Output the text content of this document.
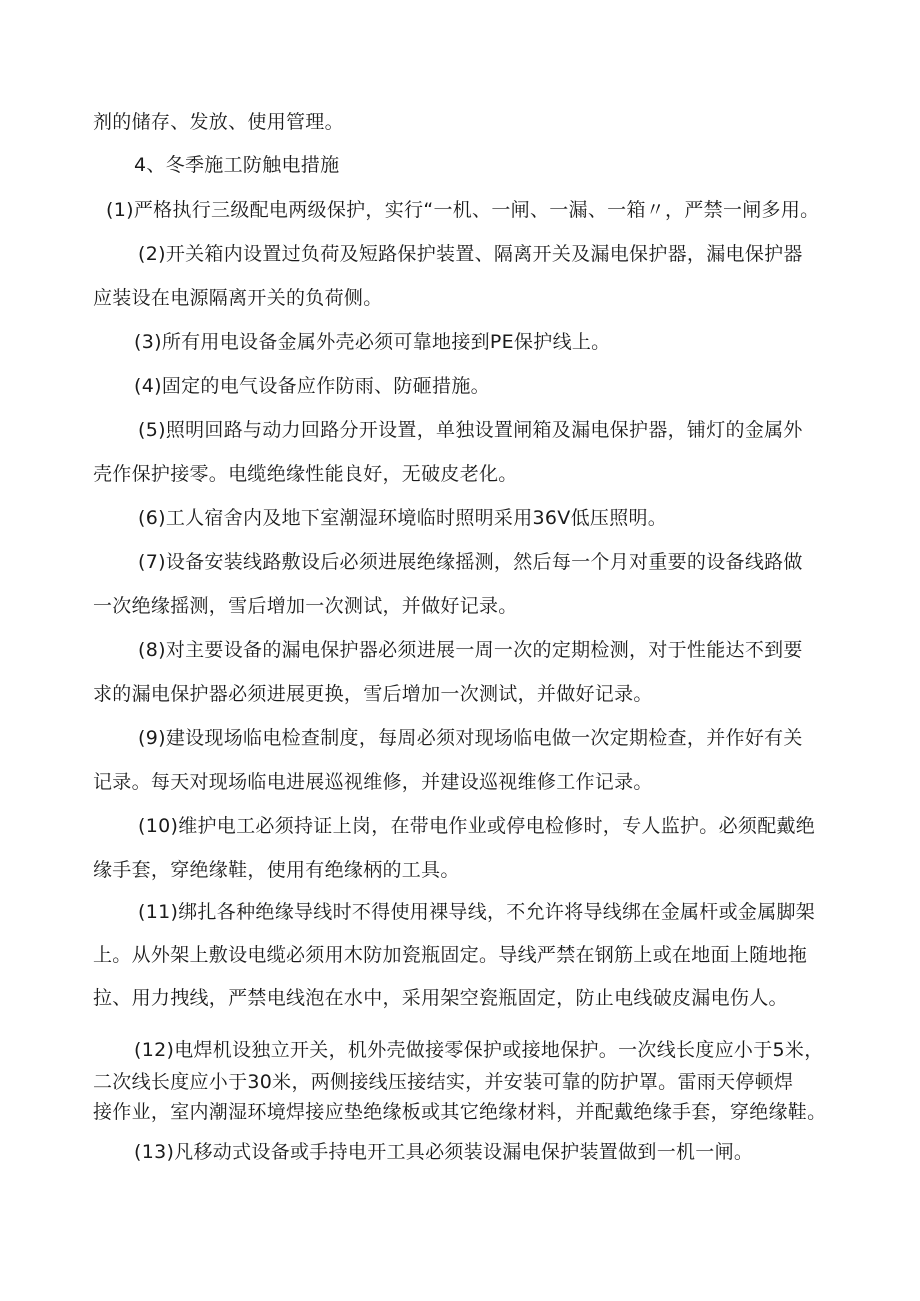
剂的储存、发放、使用管理。
4、冬季施工防触电措施
(1)严格执行三级配电两级保护，实行“一机、一闸、一漏、一箱〃，严禁一闸多用。
(2)开关箱内设置过负荷及短路保护装置、隔离开关及漏电保护器，漏电保护器
应装设在电源隔离开关的负荷侧。
(3)所有用电设备金属外壳必须可靠地接到PE保护线上。
(4)固定的电气设备应作防雨、防砸措施。
(5)照明回路与动力回路分开设置，单独设置闸箱及漏电保护器，铺灯的金属外
壳作保护接零。电缆绝缘性能良好，无破皮老化。
(6)工人宿舍内及地下室潮湿环境临时照明采用36V低压照明。
(7)设备安装线路敷设后必须进展绝缘摇测，然后每一个月对重要的设备线路做
一次绝缘摇测，雪后增加一次测试，并做好记录。
(8)对主要设备的漏电保护器必须进展一周一次的定期检测，对于性能达不到要
求的漏电保护器必须进展更换，雪后增加一次测试，并做好记录。
(9)建设现场临电检查制度，每周必须对现场临电做一次定期检查，并作好有关
记录。每天对现场临电进展巡视维修，并建设巡视维修工作记录。
(10)维护电工必须持证上岗，在带电作业或停电检修时，专人监护。必须配戴绝
缘手套，穿绝缘鞋，使用有绝缘柄的工具。
(11)绑扎各种绝缘导线时不得使用裸导线，不允许将导线绑在金属杆或金属脚架
上。从外架上敷设电缆必须用木防加瓷瓶固定。导线严禁在钢筋上或在地面上随地拖
拉、用力拽线，严禁电线泡在水中，采用架空瓷瓶固定，防止电线破皮漏电伤人。
(12)电焊机设独立开关，机外壳做接零保护或接地保护。一次线长度应小于5米，
二次线长度应小于30米，两侧接线压接结实，并安装可靠的防护罩。雷雨天停顿焊
接作业，室内潮湿环境焊接应垫绝缘板或其它绝缘材料，并配戴绝缘手套，穿绝缘鞋。
(13)凡移动式设备或手持电开工具必须装设漏电保护装置做到一机一闸。
